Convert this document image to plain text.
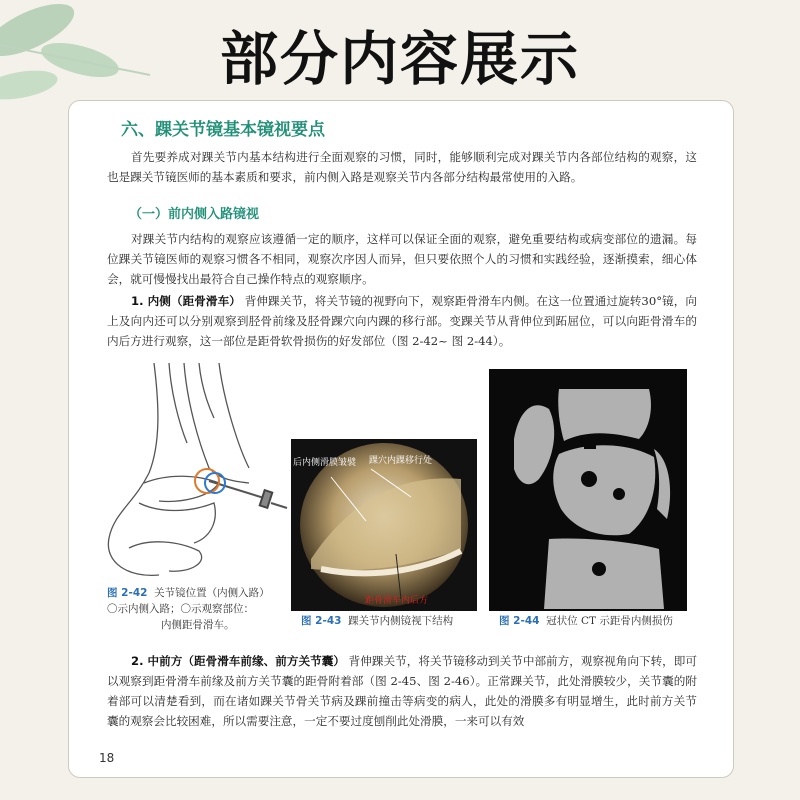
部分内容展示
六、踝关节镜基本镜视要点
首先要养成对踝关节内基本结构进行全面观察的习惯，同时，能够顺利完成对踝关节内各部位结构的观察，这也是踝关节镜医师的基本素质和要求，前内侧入路是观察关节内各部分结构最常使用的入路。
（一）前内侧入路镜视
对踝关节内结构的观察应该遵循一定的顺序，这样可以保证全面的观察，避免重要结构或病变部位的遗漏。每位踝关节镜医师的观察习惯各不相同，观察次序因人而异，但只要依照个人的习惯和实践经验，逐渐摸索，细心体会，就可慢慢找出最符合自己操作特点的观察顺序。
1. 内侧（距骨滑车） 背伸踝关节，将关节镜的视野向下，观察距骨滑车内侧。在这一位置通过旋转30°镜，向上及向内还可以分别观察到胫骨前缘及胫骨踝穴向内踝的移行部。变踝关节从背伸位到跖屈位，可以向距骨滑车的内后方进行观察，这一部位是距骨软骨损伤的好发部位（图 2-42~ 图 2-44）。
后内侧滑膜皱襞 踝穴内踝移行处
距骨滑车内后方
图 2-42 关节镜位置（内侧入路）
〇示内侧入路；〇示观察部位：
内侧距骨滑车。	图 2-43 踝关节内侧镜视下结构	图 2-44 冠状位 CT 示距骨内侧损伤
2. 中前方（距骨滑车前缘、前方关节囊） 背伸踝关节，将关节镜移动到关节中部前方，观察视角向下转，即可以观察到距骨滑车前缘及前方关节囊的距骨附着部（图 2-45、图 2-46）。正常踝关节，此处滑膜较少，关节囊的附着部可以清楚看到，而在诸如踝关节骨关节病及踝前撞击等病变的病人，此处的滑膜多有明显增生，此时前方关节囊的观察会比较困难，所以需要注意，一定不要过度刨削此处滑膜，一来可以有效
18
